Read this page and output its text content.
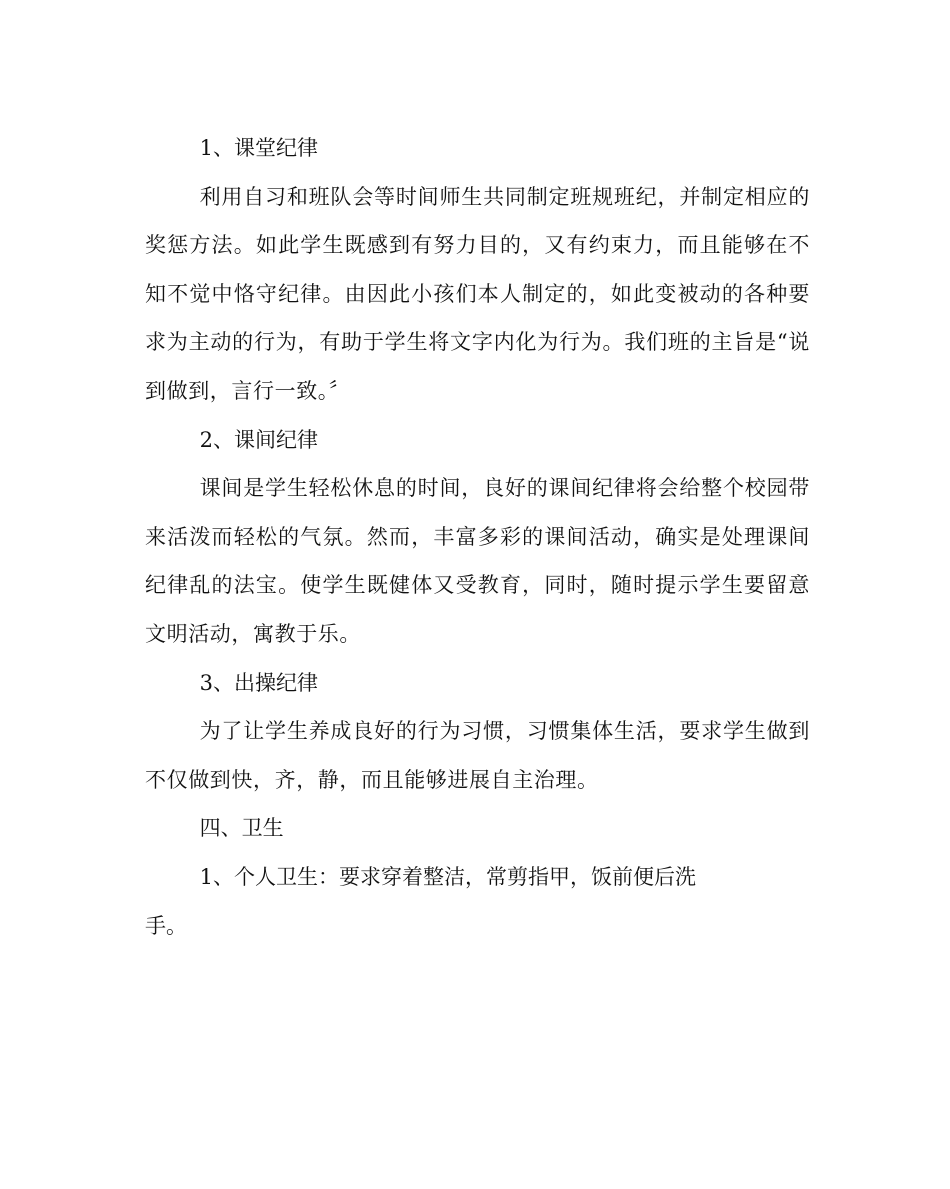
1、课堂纪律

利用自习和班队会等时间师生共同制定班规班纪，并制定相应的奖惩方法。如此学生既感到有努力目的，又有约束力，而且能够在不知不觉中恪守纪律。由因此小孩们本人制定的，如此变被动的各种要求为主动的行为，有助于学生将文字内化为行为。我们班的主旨是“说到做到，言行一致。〞

2、课间纪律

课间是学生轻松休息的时间，良好的课间纪律将会给整个校园带来活泼而轻松的气氛。然而，丰富多彩的课间活动，确实是处理课间纪律乱的法宝。使学生既健体又受教育，同时，随时提示学生要留意文明活动，寓教于乐。

3、出操纪律

为了让学生养成良好的行为习惯，习惯集体生活，要求学生做到不仅做到快，齐，静，而且能够进展自主治理。

四、卫生

1、个人卫生：要求穿着整洁，常剪指甲，饭前便后洗
手。
